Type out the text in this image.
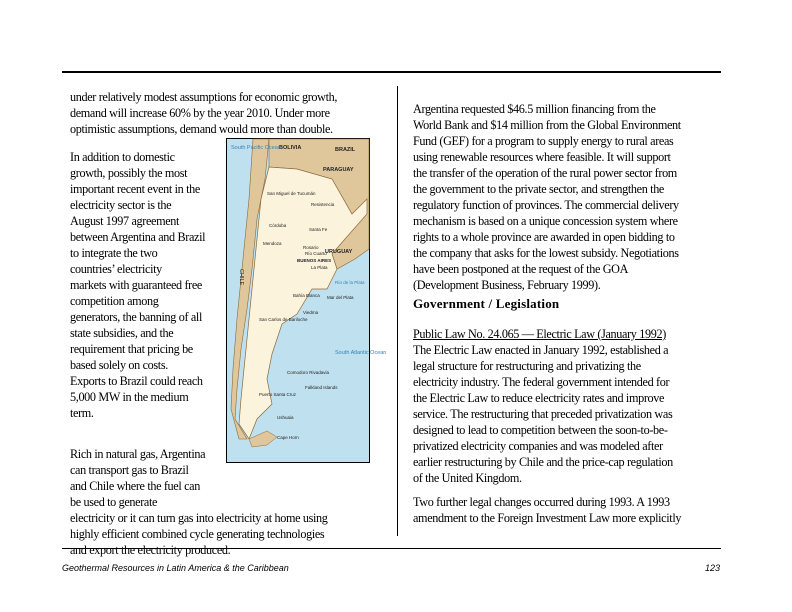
under relatively modest assumptions for economic growth,
demand will increase 60% by the year 2010. Under more
optimistic assumptions, demand would more than double.
In addition to domestic
growth, possibly the most
important recent event in the
electricity sector is the
August 1997 agreement
between Argentina and Brazil
to integrate the two
countries’ electricity
markets with guaranteed free
competition among
generators, the banning of all
state subsidies, and the
requirement that pricing be
based solely on costs.
Exports to Brazil could reach
5,000 MW in the medium
term.
Rich in natural gas, Argentina
can transport gas to Brazil
and Chile where the fuel can
be used to generate
electricity or it can turn gas into electricity at home using
highly efficient combined cycle generating technologies
and export the electricity produced.
Argentina requested $46.5 million financing from the
World Bank and $14 million from the Global Environment
Fund (GEF) for a program to supply energy to rural areas
using renewable resources where feasible. It will support
the transfer of the operation of the rural power sector from
the government to the private sector, and strengthen the
regulatory function of provinces. The commercial delivery
mechanism is based on a unique concession system where
rights to a whole province are awarded in open bidding to
the company that asks for the lowest subsidy. Negotiations
have been postponed at the request of the GOA
(Development Business, February 1999).
Government / Legislation
Public Law No. 24.065 — Electric Law (January 1992)
The Electric Law enacted in January 1992, established a
legal structure for restructuring and privatizing the
electricity industry. The federal government intended for
the Electric Law to reduce electricity rates and improve
service. The restructuring that preceded privatization was
designed to lead to competition between the soon-to-be-
privatized electricity companies and was modeled after
earlier restructuring by Chile and the price-cap regulation
of the United Kingdom.
Two further legal changes occurred during 1993. A 1993
amendment to the Foreign Investment Law more explicitly
BOLIVIA	BRAZIL
PARAGUAY
URUGUAY
CHILE
South Pacific Ocean
South Atlantic Ocean
San Miguel de Tucumán
Resistencia
Córdoba
Santa Fe
Mendoza
Rosario
Río Cuarto
BUENOS AIRES
La Plata
Bahía Blanca Mar del Plata
Viedma
San Carlos de Bariloche
Comodoro Rivadavia
Puerto Santa Cruz
Ushuaia
Cape Horn
Falkland Islands
Río de la Plata
Geothermal Resources in Latin America & the Caribbean	123
